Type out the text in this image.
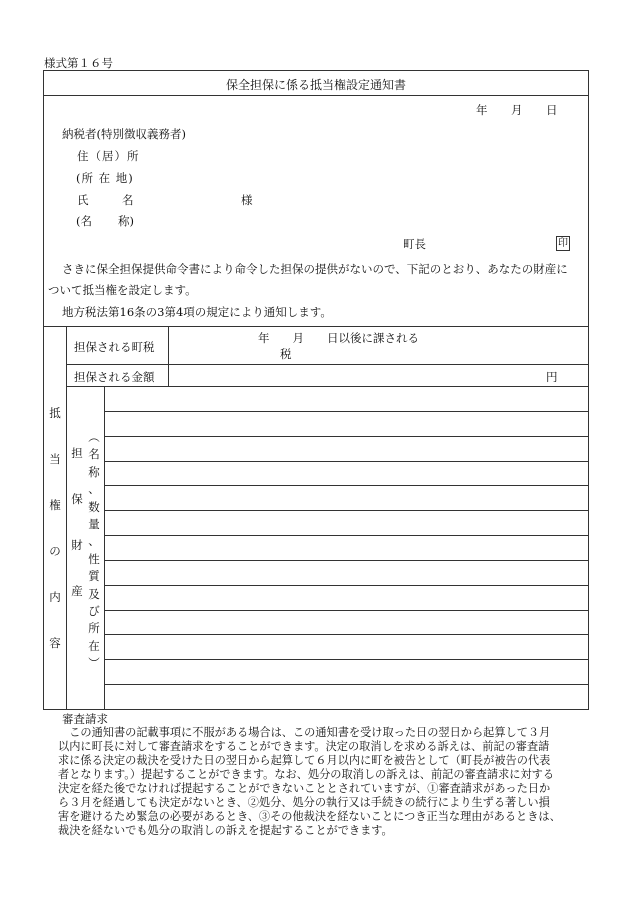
様式第１６号
保全担保に係る抵当権設定通知書
年 月 日
納税者(特別徴収義務者)
住（居）所
(所 在 地)
氏	名	様
(名 称)
町長	印
さきに保全担保提供命令書により命令した担保の提供がないので、下記のとおり、あなたの財産に
ついて抵当権を設定します。
地方税法第16条の3第4項の規定により通知します。
抵
当
権
の
内
容
担保される町税
年　　月　　日以後に課される
税
担保される金額	円
担
保
財
産
︵
名
称
、
数
量
、
性
質
及
び
所
在
︶
審査請求
　この通知書の記載事項に不服がある場合は、この通知書を受け取った日の翌日から起算して３月
以内に町長に対して審査請求をすることができます。決定の取消しを求める訴えは、前記の審査請
求に係る決定の裁決を受けた日の翌日から起算して６月以内に町を被告として（町長が被告の代表
者となります。）提起することができます。なお、処分の取消しの訴えは、前記の審査請求に対する
決定を経た後でなければ提起することができないこととされていますが、①審査請求があった日か
ら３月を経過しても決定がないとき、②処分、処分の執行又は手続きの続行により生ずる著しい損
害を避けるため緊急の必要があるとき、③その他裁決を経ないことにつき正当な理由があるときは、
裁決を経ないでも処分の取消しの訴えを提起することができます。
